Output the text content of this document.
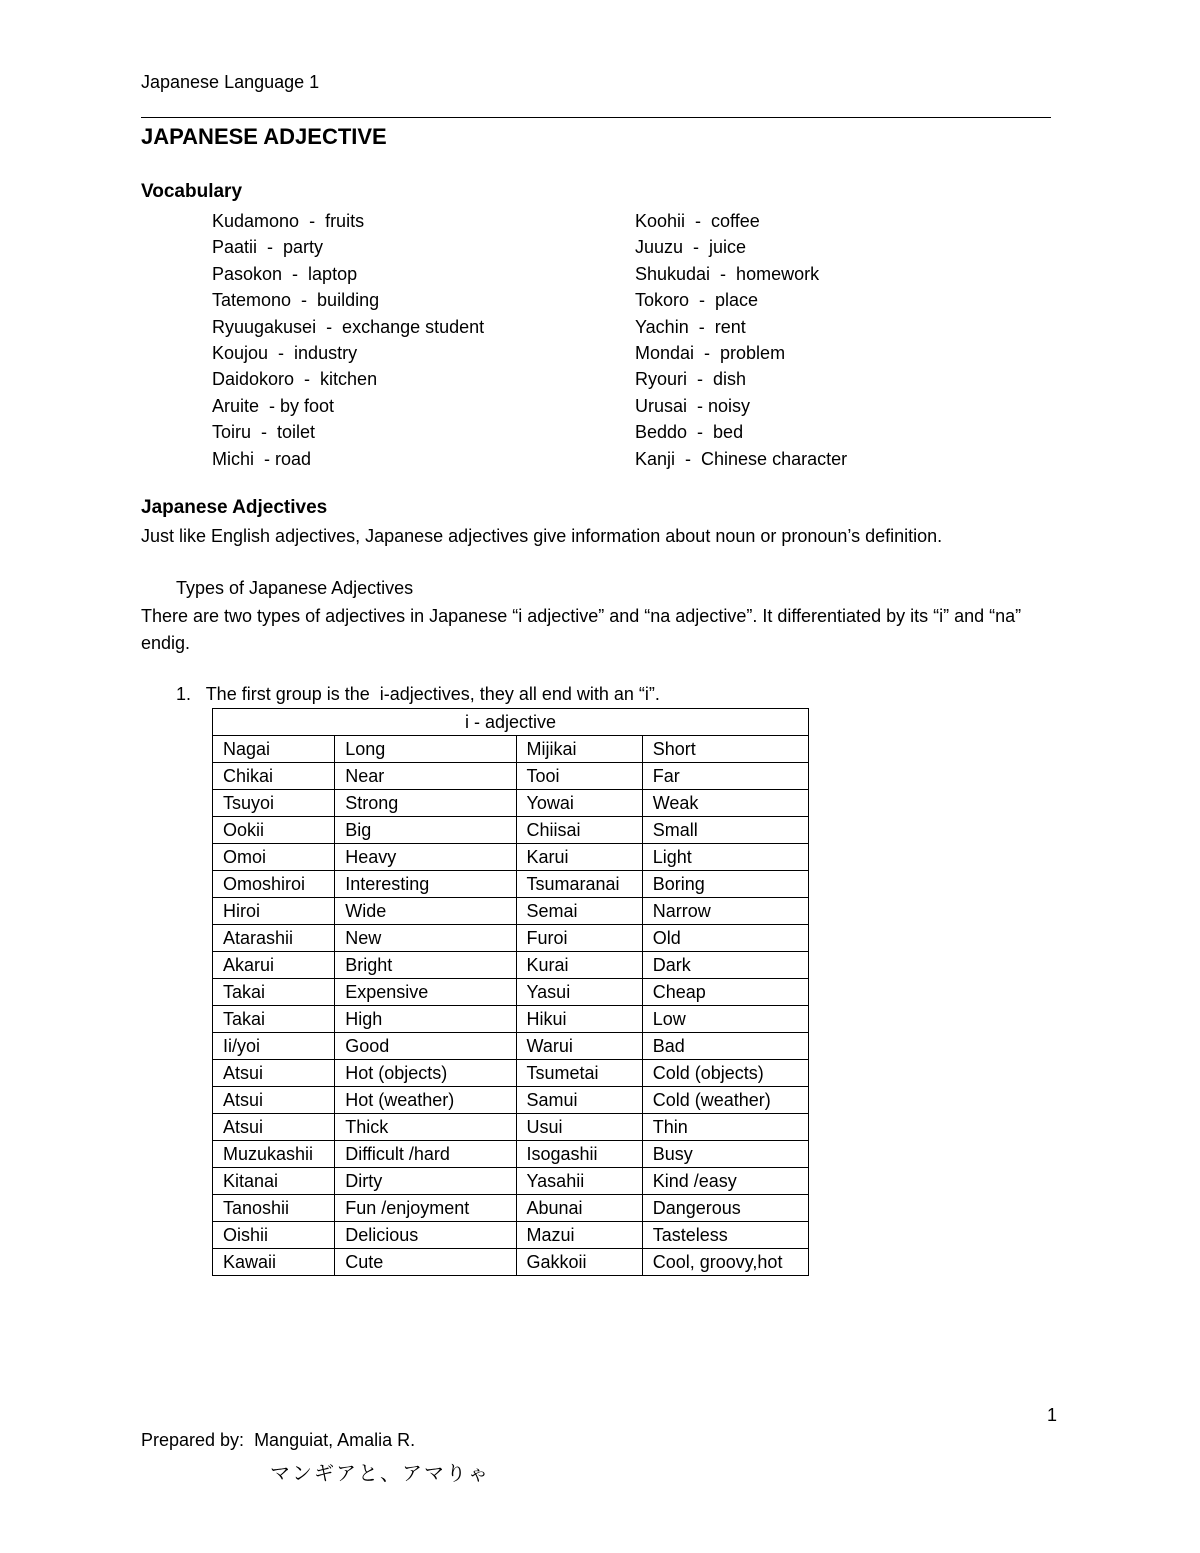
Japanese Language 1
JAPANESE ADJECTIVE
Vocabulary
Kudamono  -  fruits
Paatii  -  party
Pasokon  -  laptop
Tatemono  -  building
Ryuugakusei  -  exchange student
Koujou  -  industry
Daidokoro  -  kitchen
Aruite  - by foot
Toiru  -  toilet
Michi  - road
Koohii  -  coffee
Juuzu  -  juice
Shukudai  -  homework
Tokoro  -  place
Yachin  -  rent
Mondai  -  problem
Ryouri  -  dish
Urusai  - noisy
Beddo  -  bed
Kanji  -  Chinese character
Japanese Adjectives
Just like English adjectives, Japanese adjectives give information about noun or pronoun’s definition.
Types of Japanese Adjectives
There are two types of adjectives in Japanese “i adjective” and “na adjective”. It differentiated by its “i” and “na” endig.
1.   The first group is the  i-adjectives, they all end with an “i”.
i - adjective			
Nagai	Long	Mijikai	Short
Chikai	Near	Tooi	Far
Tsuyoi	Strong	Yowai	Weak
Ookii	Big	Chiisai	Small
Omoi	Heavy	Karui	Light
Omoshiroi	Interesting	Tsumaranai	Boring
Hiroi	Wide	Semai	Narrow
Atarashii	New	Furoi	Old
Akarui	Bright	Kurai	Dark
Takai	Expensive	Yasui	Cheap
Takai	High	Hikui	Low
Ii/yoi	Good	Warui	Bad
Atsui	Hot (objects)	Tsumetai	Cold (objects)
Atsui	Hot (weather)	Samui	Cold (weather)
Atsui	Thick	Usui	Thin
Muzukashii	Difficult /hard	Isogashii	Busy
Kitanai	Dirty	Yasahii	Kind /easy
Tanoshii	Fun /enjoyment	Abunai	Dangerous
Oishii	Delicious	Mazui	Tasteless
Kawaii	Cute	Gakkoii	Cool, groovy,hot
1
Prepared by:  Manguiat, Amalia R.
マンギアと、アマりゃ
